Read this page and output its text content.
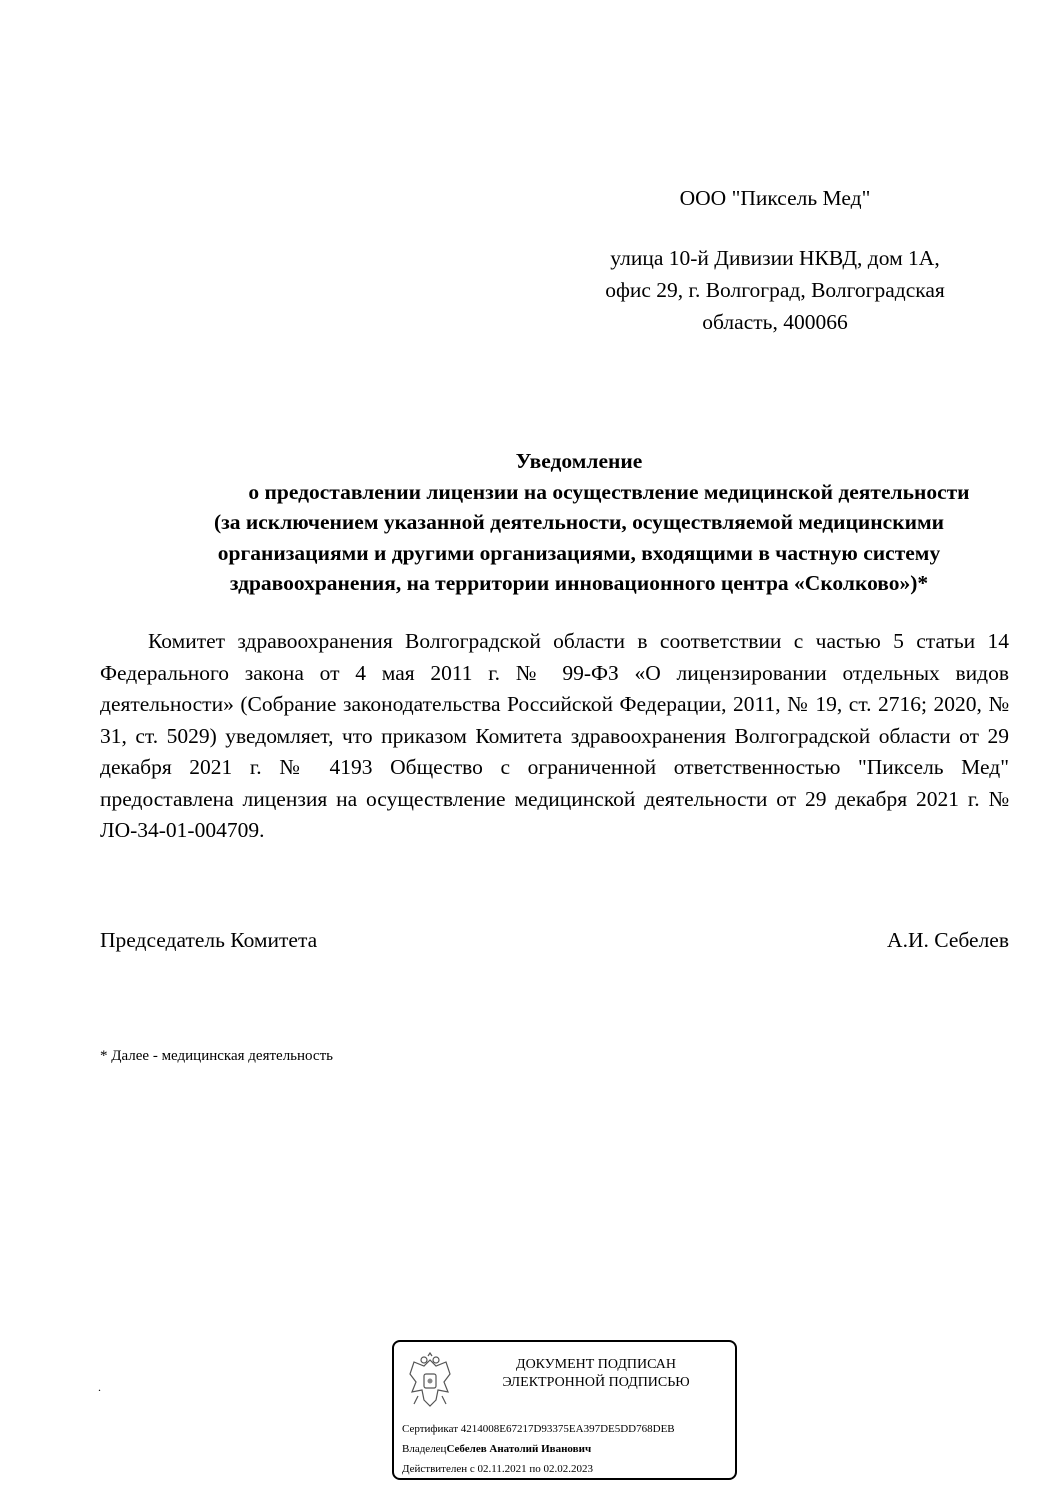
ООО "Пиксель Мед"
улица 10-й Дивизии НКВД, дом 1А,
офис 29, г. Волгоград, Волгоградская
область, 400066
Уведомление
о предоставлении лицензии на осуществление медицинской деятельности
(за исключением указанной деятельности, осуществляемой медицинскими
организациями и другими организациями, входящими в частную систему
здравоохранения, на территории инновационного центра «Сколково»)*

Комитет здравоохранения Волгоградской области в соответствии с частью 5 статьи 14 Федерального закона от 4 мая 2011 г. № 99-ФЗ «О лицензировании отдельных видов деятельности» (Собрание законодательства Российской Федерации, 2011, № 19, ст. 2716; 2020, № 31, ст. 5029) уведомляет, что приказом Комитета здравоохранения Волгоградской области от 29 декабря 2021 г. № 4193 Общество с ограниченной ответственностью "Пиксель Мед" предоставлена лицензия на осуществление медицинской деятельности от 29 декабря 2021 г. № ЛО-34-01-004709.

Председатель Комитета	А.И. Себелев
* Далее - медицинская деятельность
.
ДОКУМЕНТ ПОДПИСАН
ЭЛЕКТРОННОЙ ПОДПИСЬЮ
Сертификат 4214008E67217D93375EA397DE5DD768DEB
ВладелецСебелев Анатолий Иванович
Действителен с 02.11.2021 по 02.02.2023
